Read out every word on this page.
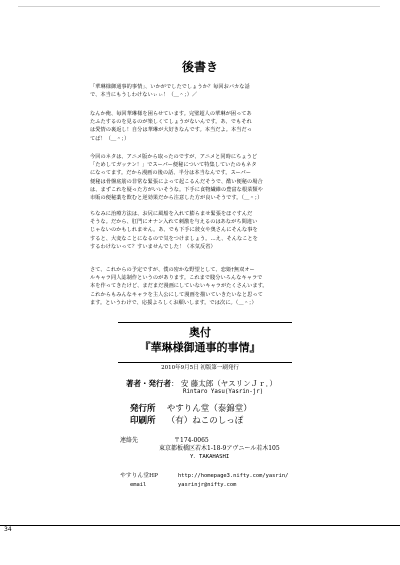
後書き
「華琳様御通事的事情」、いかがでしたでしょうか？毎回おバカな話
で、本当にもうしわけないぃぃ！（＿＾；）／
なんか俺、毎回華琳様を困らせています。完璧超人の華琳が困ってあ
たふたするのを見るのが楽しくてしょうがないんです。あ、でもそれ
は愛情の裏返し！自分は華琳が大好きなんです。本当だよ。本当だっ
てば！（＿＾；）
今回のネタは、アニメ版から取ったのですが、アニメと同時にちょうど
「ためしてガッテン！」でスーパー便秘について特集していたのもネタ
になってます。だから漫画の後の話、半分は本当なんです。スーパー
便秘は骨盤底筋の非常な緊張によって起こるんだそうで、酷い便秘の場合
は、まずこれを疑った方がいいそうな。下手に食物繊維の豊富な根菜類や
市販の便秘薬を飲むと逆効果だから注意した方が良いそうです。（＿＾；）
ちなみに治療方法は、お尻に風船を入れて膨らませ緊張をほぐすんだ
そうな。だから、肛門にオナン入れて刺激を与えるのはあながち間違い
じゃないのかもしれません。あ、でも下手に彼女や奥さんにそんな事を
すると、大変なことになるので気をつけましょう。…え、そんなことを
するわけないって？すいませんでした！（本気反省）
さて、これからの予定ですが、僕の密かな野望として、恋姫†無双オー
ルキャラ同人誌制作というのがあります。これまで賤分いろんなキャラで
本を作ってきたけど、まだまだ漫画にしていないキャラがたくさんいます。
これからもみんなキャラを主人公にして漫画を描いていきたいなと思って
ます。というわけで、応援よろしくお願いします。では次に。（＿＾；）
奥付
『華琳様御通事的事情』
2010年9月5日 初版第一刷発行
著者・発行者： 安 藤太郎（ヤスリンＪｒ．）
Rintaro Yasu(Yasrin-jr)
発行所　 やすりん堂（泰錦堂）
印刷所　 （有）ねこのしっぽ
連絡先	〒174-0065
東京都板橋区若木1-18-9アヴニール若木105
Y．TAKAHASHI
やすりん堂HP	http://homepage3.nifty.com/yasrin/
email	yasrinjr@nifty.com
34
